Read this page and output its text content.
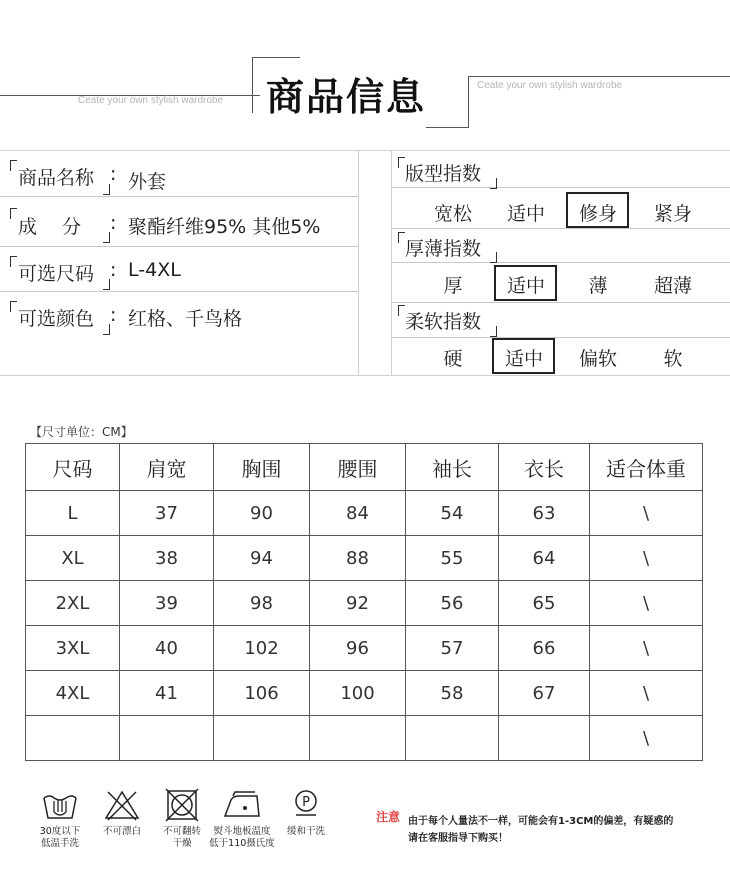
Ceate your own stylish wardrobe
Ceate your own stylish wardrobe
商品信息
商品名称 : 外套
成　 分 : 聚酯纤维95% 其他5%
可选尺码 : L-4XL
可选颜色 : 红格、千鸟格
版型指数
宽松 适中 修身 紧身
厚薄指数
厚	适中	薄	超薄
柔软指数
硬	适中 偏软	软
【尺寸单位：CM】
尺码	肩宽	胸围	腰围	袖长	衣长	适合体重
L	37	90	84	54	63	\
XL	38	94	88	55	64	\
2XL	39	98	92	56	65	\
3XL	40	102	96	57	66	\
4XL	41	106	100	58	67	\
						\
30度以下
低温手洗
不可漂白	不可翻转
干燥
熨斗地板温度
低于110摄氏度
P
缓和干洗
注意 由于每个人量法不一样，可能会有1-3CM的偏差，有疑惑的
请在客服指导下购买！
